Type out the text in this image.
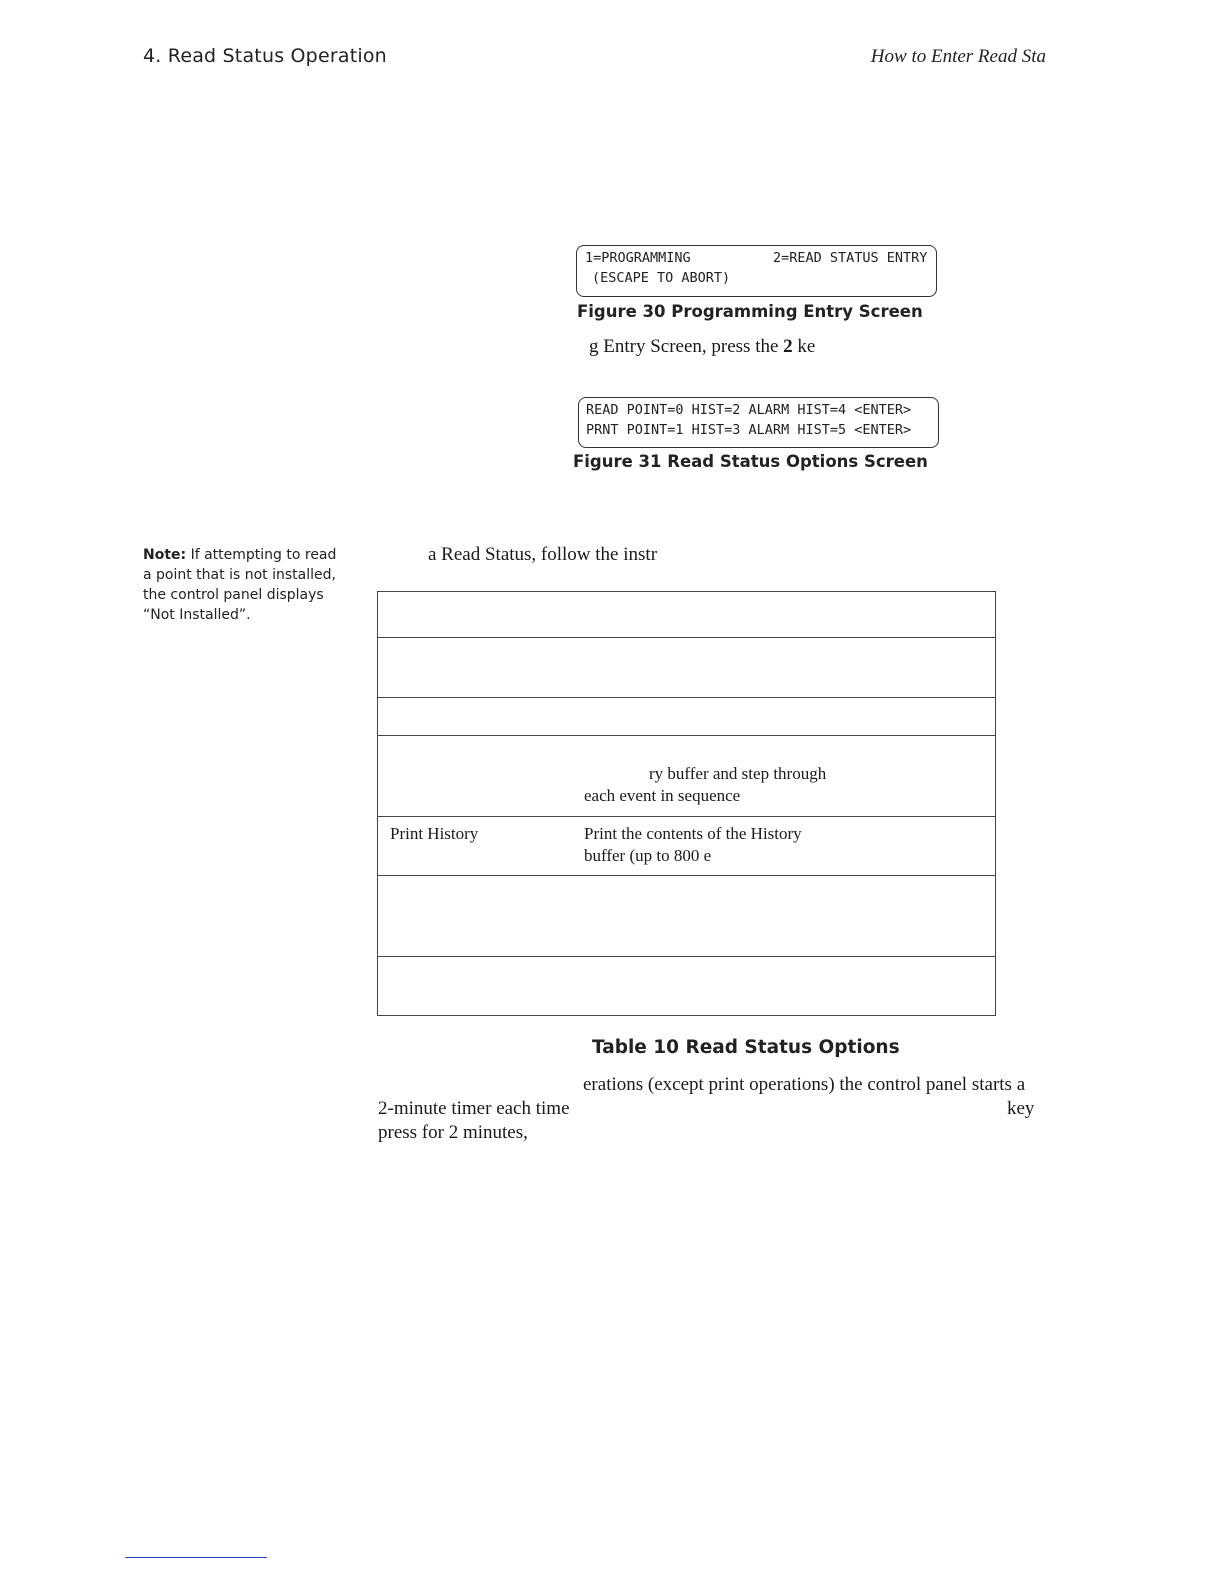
4. Read Status Operation	How to Enter Read Sta
1=PROGRAMMING	2=READ STATUS ENTRY
(ESCAPE TO ABORT)
Figure 30 Programming Entry Screen
g Entry Screen, press the 2 ke
READ POINT=0 HIST=2 ALARM HIST=4 <ENTER>
PRNT POINT=1 HIST=3 ALARM HIST=5 <ENTER>
Figure 31 Read Status Options Screen
Note: If attempting to read a point that is not installed, the control panel displays “Not Installed”.
a Read Status, follow the instr

	ry buffer and step through
each event in sequence

Print History	Print the contents of the History
buffer (up to 800 e

Table 10 Read Status Options
erations (except print operations) the control panel starts a
2-minute timer each time	key
press for 2 minutes,
